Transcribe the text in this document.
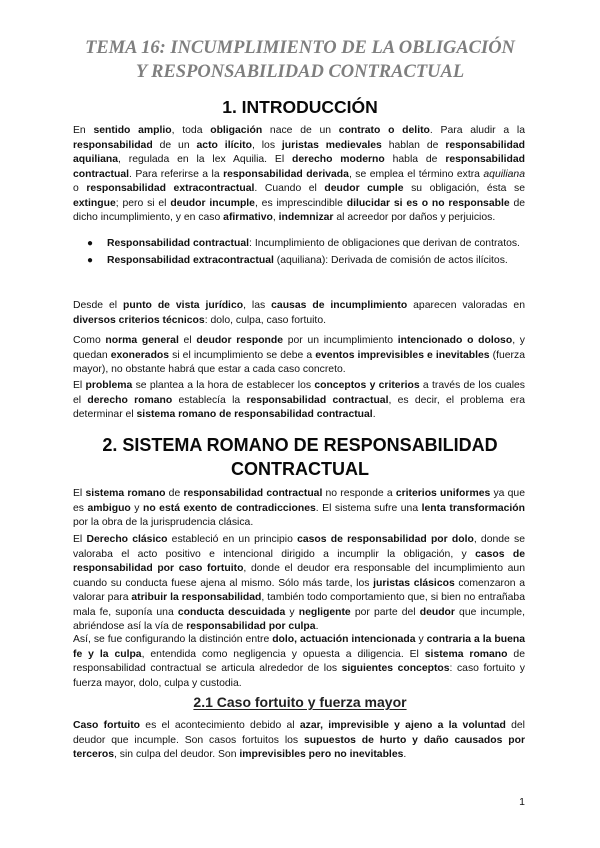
TEMA 16: INCUMPLIMIENTO DE LA OBLIGACIÓN
Y RESPONSABILIDAD CONTRACTUAL
1. INTRODUCCIÓN

En sentido amplio, toda obligación nace de un contrato o delito. Para aludir a la responsabilidad de un acto ilícito, los juristas medievales hablan de responsabilidad aquiliana, regulada en la lex Aquilia. El derecho moderno habla de responsabilidad contractual. Para referirse a la responsabilidad derivada, se emplea el término extra aquiliana o responsabilidad extracontractual. Cuando el deudor cumple su obligación, ésta se extingue; pero si el deudor incumple, es imprescindible dilucidar si es o no responsable de dicho incumplimiento, y en caso afirmativo, indemnizar al acreedor por daños y perjuicios.

● Responsabilidad contractual: Incumplimiento de obligaciones que derivan de contratos.
● Responsabilidad extracontractual (aquiliana): Derivada de comisión de actos ilícitos.

Desde el punto de vista jurídico, las causas de incumplimiento aparecen valoradas en diversos criterios técnicos: dolo, culpa, caso fortuito.

Como norma general el deudor responde por un incumplimiento intencionado o doloso, y quedan exonerados si el incumplimiento se debe a eventos imprevisibles e inevitables (fuerza mayor), no obstante habrá que estar a cada caso concreto.

El problema se plantea a la hora de establecer los conceptos y criterios a través de los cuales el derecho romano establecía la responsabilidad contractual, es decir, el problema era determinar el sistema romano de responsabilidad contractual.

2. SISTEMA ROMANO DE RESPONSABILIDAD CONTRACTUAL

El sistema romano de responsabilidad contractual no responde a criterios uniformes ya que es ambiguo y no está exento de contradicciones. El sistema sufre una lenta transformación por la obra de la jurisprudencia clásica.

El Derecho clásico estableció en un principio casos de responsabilidad por dolo, donde se valoraba el acto positivo e intencional dirigido a incumplir la obligación, y casos de responsabilidad por caso fortuito, donde el deudor era responsable del incumplimiento aun cuando su conducta fuese ajena al mismo. Sólo más tarde, los juristas clásicos comenzaron a valorar para atribuir la responsabilidad, también todo comportamiento que, si bien no entrañaba mala fe, suponía una conducta descuidada y negligente por parte del deudor que incumple, abriéndose así la vía de responsabilidad por culpa.

Así, se fue configurando la distinción entre dolo, actuación intencionada y contraria a la buena fe y la culpa, entendida como negligencia y opuesta a diligencia. El sistema romano de responsabilidad contractual se articula alrededor de los siguientes conceptos: caso fortuito y fuerza mayor, dolo, culpa y custodia.

2.1 Caso fortuito y fuerza mayor

Caso fortuito es el acontecimiento debido al azar, imprevisible y ajeno a la voluntad del deudor que incumple. Son casos fortuitos los supuestos de hurto y daño causados por terceros, sin culpa del deudor. Son imprevisibles pero no inevitables.

1
